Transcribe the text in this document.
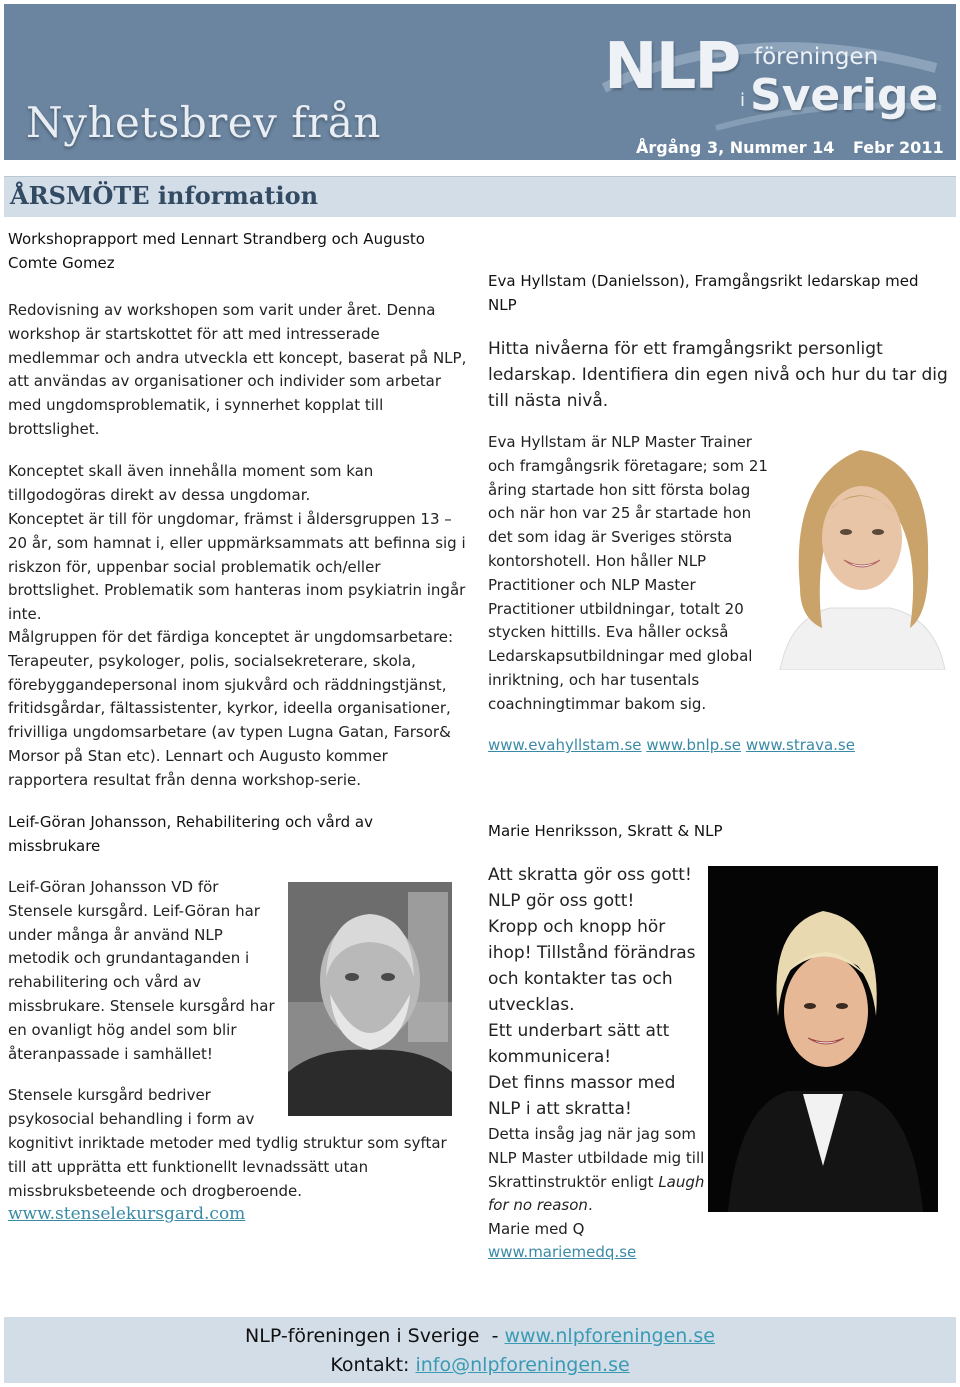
Nyhetsbrev från
NLP föreningen
i Sverige
Årgång 3, Nummer 14 Febr 2011
ÅRSMÖTE information
Workshoprapport med Lennart Strandberg och Augusto Comte Gomez
Redovisning av workshopen som varit under året. Denna workshop är startskottet för att med intresserade medlemmar och andra utveckla ett koncept, baserat på NLP, att användas av organisationer och individer som arbetar med ungdomsproblematik, i synnerhet kopplat till brottslighet.
Konceptet skall även innehålla moment som kan tillgodogöras direkt av dessa ungdomar.
Konceptet är till för ungdomar, främst i åldersgruppen 13 – 20 år, som hamnat i, eller uppmärksammats att befinna sig i riskzon för, uppenbar social problematik och/eller brottslighet. Problematik som hanteras inom psykiatrin ingår inte.
Målgruppen för det färdiga konceptet är ungdomsarbetare: Terapeuter, psykologer, polis, socialsekreterare, skola, förebyggandepersonal inom sjukvård och räddningstjänst, fritidsgårdar, fältassistenter, kyrkor, ideella organisationer, frivilliga ungdomsarbetare (av typen Lugna Gatan, Farsor& Morsor på Stan etc). Lennart och Augusto kommer rapportera resultat från denna workshop-serie.
Leif-Göran Johansson, Rehabilitering och vård av missbrukare
Leif-Göran Johansson VD för Stensele kursgård. Leif-Göran har under många år använd NLP metodik och grundantaganden i rehabilitering och vård av missbrukare. Stensele kursgård har en ovanligt hög andel som blir återanpassade i samhället!
Stensele kursgård bedriver psykosocial behandling i form av
kognitivt inriktade metoder med tydlig struktur som syftar till att upprätta ett funktionellt levnadssätt utan missbruksbeteende och drogberoende.
www.stenselekursgard.com
Eva Hyllstam (Danielsson), Framgångsrikt ledarskap med NLP
Hitta nivåerna för ett framgångsrikt personligt ledarskap. Identifiera din egen nivå och hur du tar dig till nästa nivå.
Eva Hyllstam är NLP Master Trainer och framgångsrik företagare; som 21 åring startade hon sitt första bolag och när hon var 25 år startade hon det som idag är Sveriges största kontorshotell. Hon håller NLP Practitioner och NLP Master Practitioner utbildningar, totalt 20 stycken hittills. Eva håller också Ledarskapsutbildningar med global inriktning, och har tusentals coachningtimmar bakom sig.
www.evahyllstam.se www.bnlp.se www.strava.se
Marie Henriksson, Skratt & NLP
Att skratta gör oss gott!
NLP gör oss gott!
Kropp och knopp hör ihop! Tillstånd förändras och kontakter tas och utvecklas.
Ett underbart sätt att kommunicera!
Det finns massor med NLP i att skratta!
Detta insåg jag när jag som NLP Master utbildade mig till Skrattinstruktör enligt Laugh for no reason.
Marie med Q
www.mariemedq.se
NLP-föreningen i Sverige  - www.nlpforeningen.se
Kontakt: info@nlpforeningen.se
